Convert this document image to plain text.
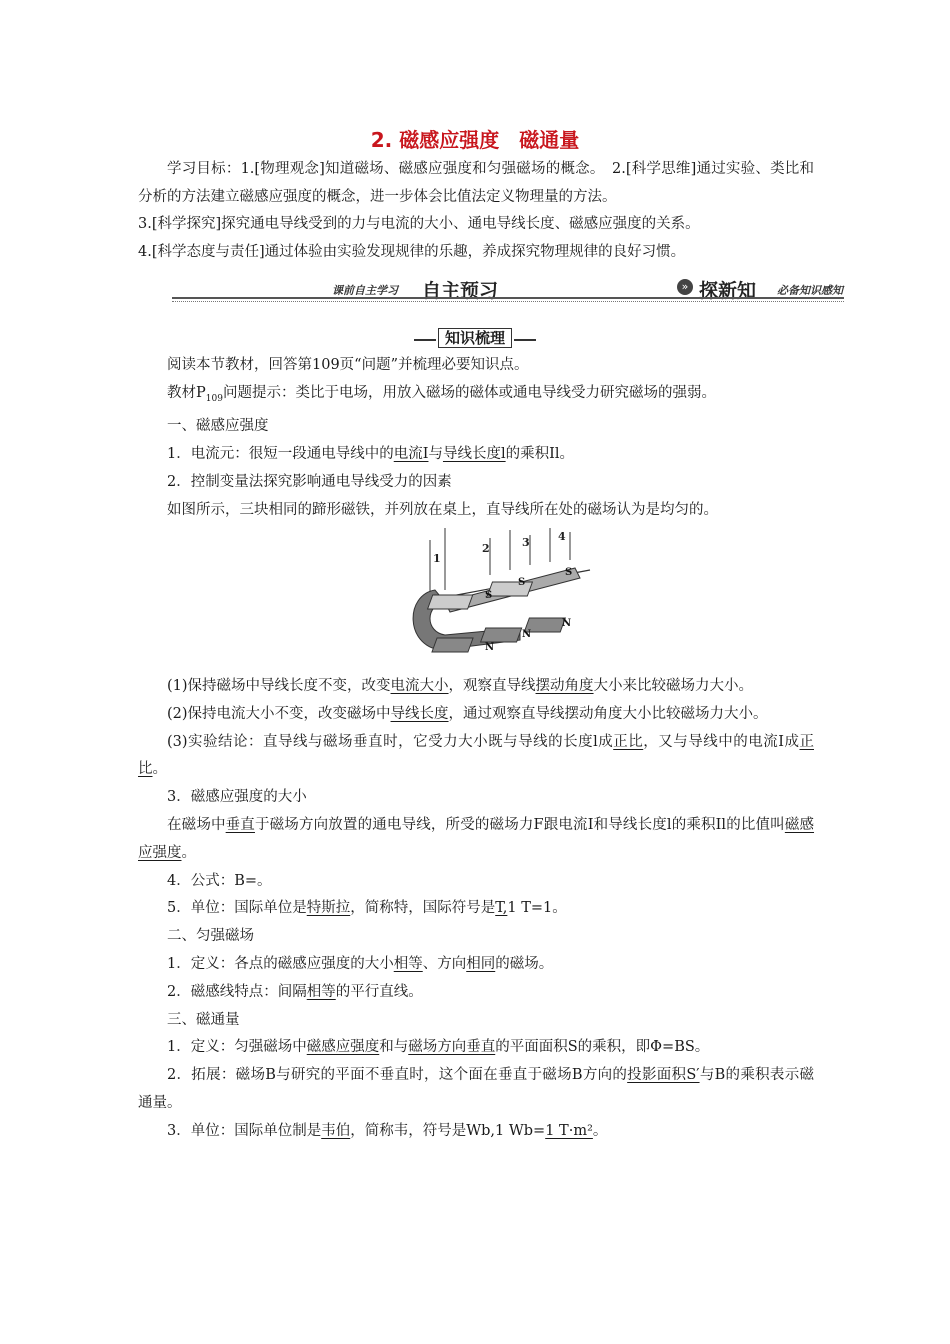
2. 磁感应强度　磁通量

学习目标：1.[物理观念]知道磁场、磁感应强度和匀强磁场的概念。　2.[科学思维]通过实验、类比和分析的方法建立磁感应强度的概念，进一步体会比值法定义物理量的方法。

3.[科学探究]探究通电导线受到的力与电流的大小、通电导线长度、磁感应强度的关系。

4.[科学态度与责任]通过体验由实验发现规律的乐趣，养成探究物理规律的良好习惯。

课前自主学习 自主预习	» 探新知 必备知识感知
知识梳理

阅读本节教材，回答第109页“问题”并梳理必要知识点。

教材$P_{109}$问题提示：类比于电场，用放入磁场的磁体或通电导线受力研究磁场的强弱。

一、磁感应强度

1．电流元：很短一段通电导线中的电流I与导线长度l的乘积Il。

2．控制变量法探究影响通电导线受力的因素

如图所示，三块相同的蹄形磁铁，并列放在桌上，直导线所在处的磁场认为是均匀的。

1
2	3	4
S
S
S
N
N
N

(1)保持磁场中导线长度不变，改变电流大小，观察直导线摆动角度大小来比较磁场力大小。

(2)保持电流大小不变，改变磁场中导线长度，通过观察直导线摆动角度大小比较磁场力大小。

(3)实验结论：直导线与磁场垂直时，它受力大小既与导线的长度l成正比，又与导线中的电流I成正比。

3．磁感应强度的大小

在磁场中垂直于磁场方向放置的通电导线，所受的磁场力F跟电流I和导线长度l的乘积Il的比值叫磁感应强度。

4．公式：B=。

5．单位：国际单位是特斯拉，简称特，国际符号是T,1 T=1。

二、匀强磁场

1．定义：各点的磁感应强度的大小相等、方向相同的磁场。

2．磁感线特点：间隔相等的平行直线。

三、磁通量

1．定义：匀强磁场中磁感应强度和与磁场方向垂直的平面面积S的乘积，即Φ=BS。

2．拓展：磁场B与研究的平面不垂直时，这个面在垂直于磁场B方向的投影面积S′与B的乘积表示磁通量。

3．单位：国际单位制是韦伯，简称韦，符号是Wb,1 Wb=1 T·m²。
